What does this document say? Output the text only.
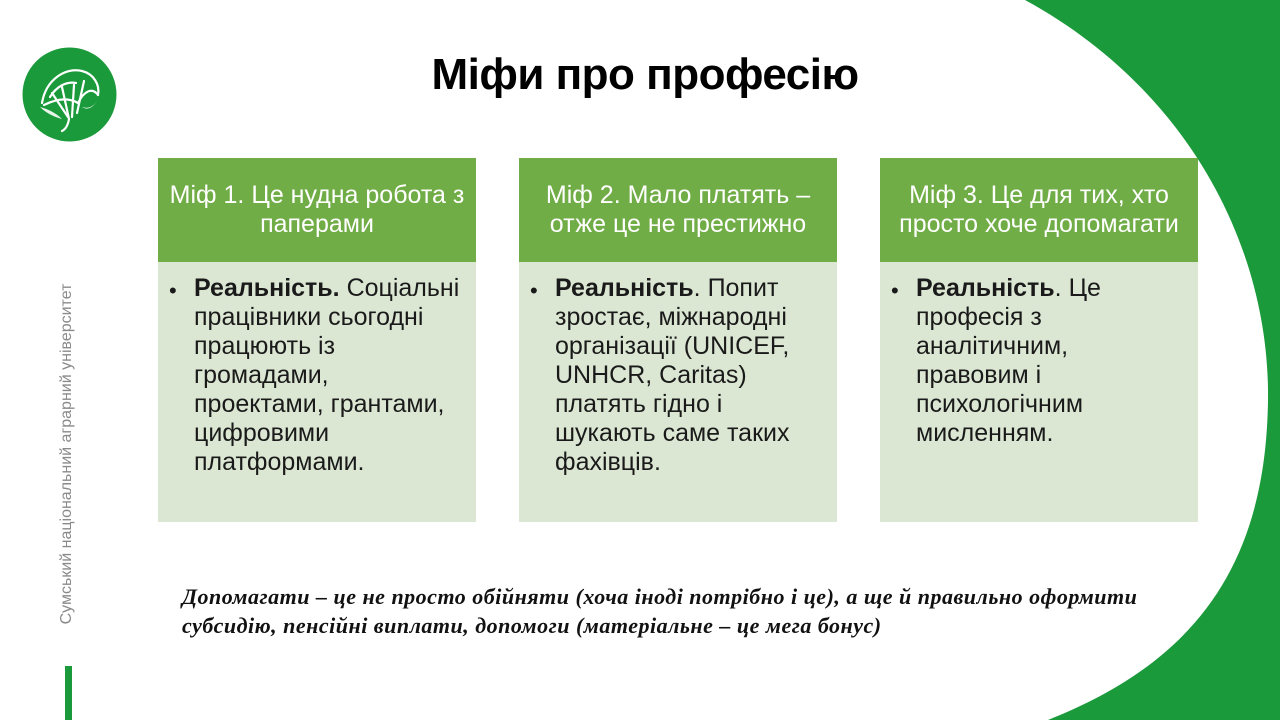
Сумський національний аграрний університет
Міфи про професію
Міф 1. Це нудна робота з паперами
• Реальність. Соціальні працівники сьогодні працюють із громадами, проектами, грантами, цифровими платформами.
Міф 2. Мало платять – отже це не престижно
• Реальність. Попит зростає, міжнародні організації (UNICEF, UNHCR, Caritas) платять гідно і шукають саме таких фахівців.
Міф 3. Це для тих, хто просто хоче допомагати
• Реальність. Це професія з аналітичним, правовим і психологічним мисленням.
Допомагати – це не просто обійняти (хоча іноді потрібно і це), а ще й правильно оформити субсидію, пенсійні виплати, допомоги (матеріальне – це мега бонус)
